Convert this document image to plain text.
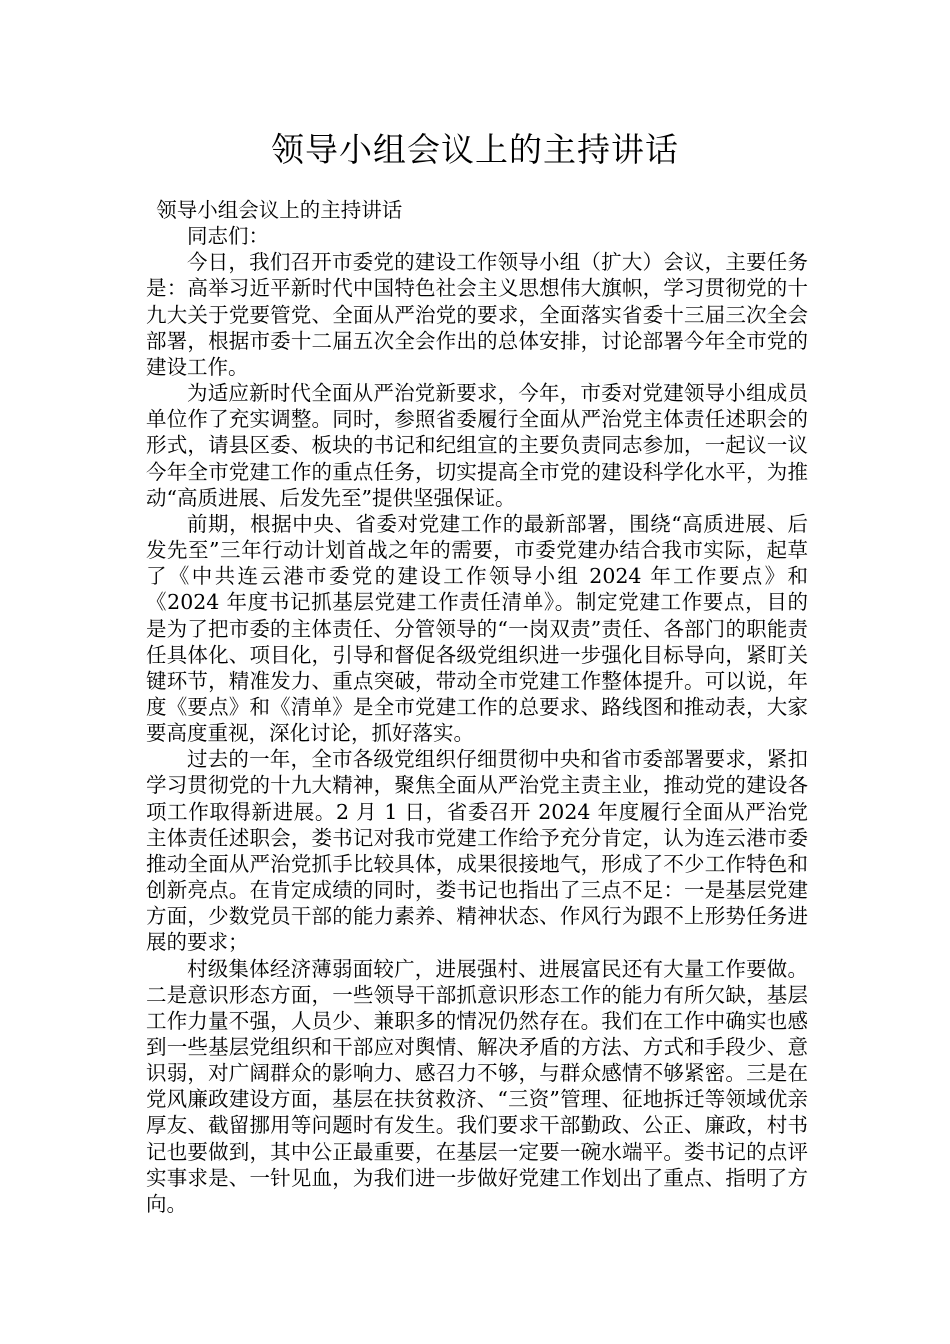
领导小组会议上的主持讲话

领导小组会议上的主持讲话

同志们：

今日，我们召开市委党的建设工作领导小组（扩大）会议，主要任务是：高举习近平新时代中国特色社会主义思想伟大旗帜，学习贯彻党的十九大关于党要管党、全面从严治党的要求，全面落实省委十三届三次全会部署，根据市委十二届五次全会作出的总体安排，讨论部署今年全市党的建设工作。

为适应新时代全面从严治党新要求，今年，市委对党建领导小组成员单位作了充实调整。同时，参照省委履行全面从严治党主体责任述职会的形式，请县区委、板块的书记和纪组宣的主要负责同志参加，一起议一议今年全市党建工作的重点任务，切实提高全市党的建设科学化水平，为推动“高质进展、后发先至”提供坚强保证。

前期，根据中央、省委对党建工作的最新部署，围绕“高质进展、后发先至”三年行动计划首战之年的需要，市委党建办结合我市实际，起草了《中共连云港市委党的建设工作领导小组 2024 年工作要点》和《2024 年度书记抓基层党建工作责任清单》。制定党建工作要点，目的是为了把市委的主体责任、分管领导的“一岗双责”责任、各部门的职能责任具体化、项目化，引导和督促各级党组织进一步强化目标导向，紧盯关键环节，精准发力、重点突破，带动全市党建工作整体提升。可以说，年度《要点》和《清单》是全市党建工作的总要求、路线图和推动表，大家要高度重视，深化讨论，抓好落实。

过去的一年，全市各级党组织仔细贯彻中央和省市委部署要求，紧扣学习贯彻党的十九大精神，聚焦全面从严治党主责主业，推动党的建设各项工作取得新进展。2 月 1 日，省委召开 2024 年度履行全面从严治党主体责任述职会，娄书记对我市党建工作给予充分肯定，认为连云港市委推动全面从严治党抓手比较具体，成果很接地气，形成了不少工作特色和创新亮点。在肯定成绩的同时，娄书记也指出了三点不足：一是基层党建方面，少数党员干部的能力素养、精神状态、作风行为跟不上形势任务进展的要求；

村级集体经济薄弱面较广，进展强村、进展富民还有大量工作要做。二是意识形态方面，一些领导干部抓意识形态工作的能力有所欠缺，基层工作力量不强，人员少、兼职多的情况仍然存在。我们在工作中确实也感到一些基层党组织和干部应对舆情、解决矛盾的方法、方式和手段少、意识弱，对广阔群众的影响力、感召力不够，与群众感情不够紧密。三是在党风廉政建设方面，基层在扶贫救济、“三资”管理、征地拆迁等领域优亲厚友、截留挪用等问题时有发生。我们要求干部勤政、公正、廉政，村书记也要做到，其中公正最重要，在基层一定要一碗水端平。娄书记的点评实事求是、一针见血，为我们进一步做好党建工作划出了重点、指明了方向。
